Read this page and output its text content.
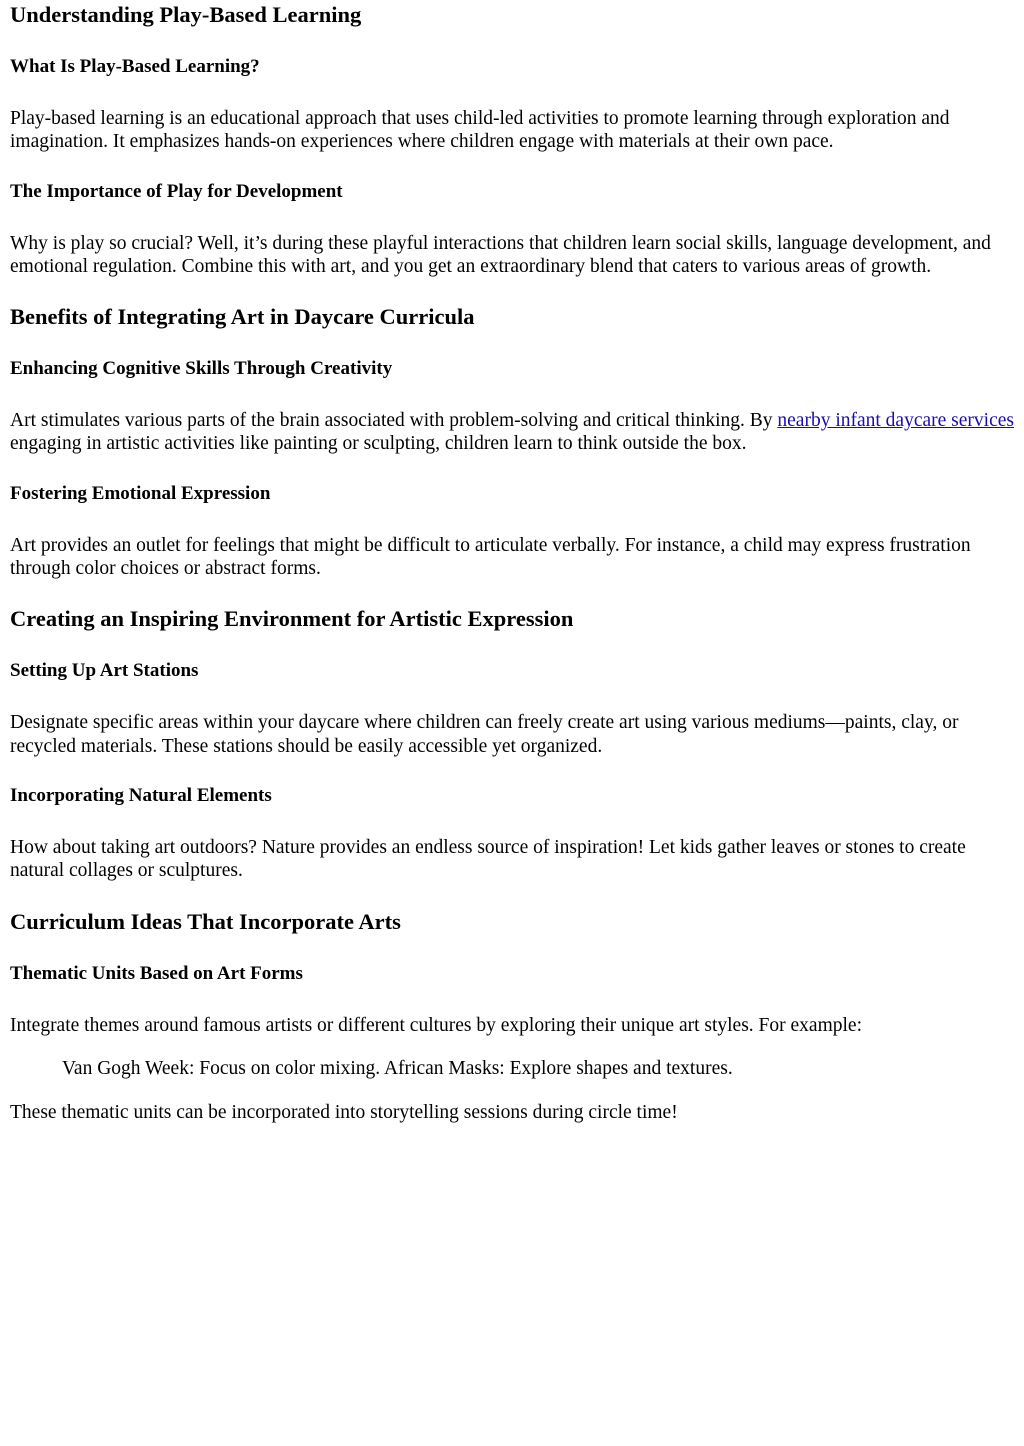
Understanding Play-Based Learning
What Is Play-Based Learning?

Play-based learning is an educational approach that uses child-led activities to promote learning through exploration and imagination. It emphasizes hands-on experiences where children engage with materials at their own pace.

The Importance of Play for Development

Why is play so crucial? Well, it’s during these playful interactions that children learn social skills, language development, and emotional regulation. Combine this with art, and you get an extraordinary blend that caters to various areas of growth.

Benefits of Integrating Art in Daycare Curricula
Enhancing Cognitive Skills Through Creativity

Art stimulates various parts of the brain associated with problem-solving and critical thinking. By nearby infant daycare services engaging in artistic activities like painting or sculpting, children learn to think outside the box.

Fostering Emotional Expression

Art provides an outlet for feelings that might be difficult to articulate verbally. For instance, a child may express frustration through color choices or abstract forms.

Creating an Inspiring Environment for Artistic Expression
Setting Up Art Stations

Designate specific areas within your daycare where children can freely create art using various mediums—paints, clay, or recycled materials. These stations should be easily accessible yet organized.

Incorporating Natural Elements

How about taking art outdoors? Nature provides an endless source of inspiration! Let kids gather leaves or stones to create natural collages or sculptures.

Curriculum Ideas That Incorporate Arts
Thematic Units Based on Art Forms

Integrate themes around famous artists or different cultures by exploring their unique art styles. For example:

Van Gogh Week: Focus on color mixing. African Masks: Explore shapes and textures.

These thematic units can be incorporated into storytelling sessions during circle time!
